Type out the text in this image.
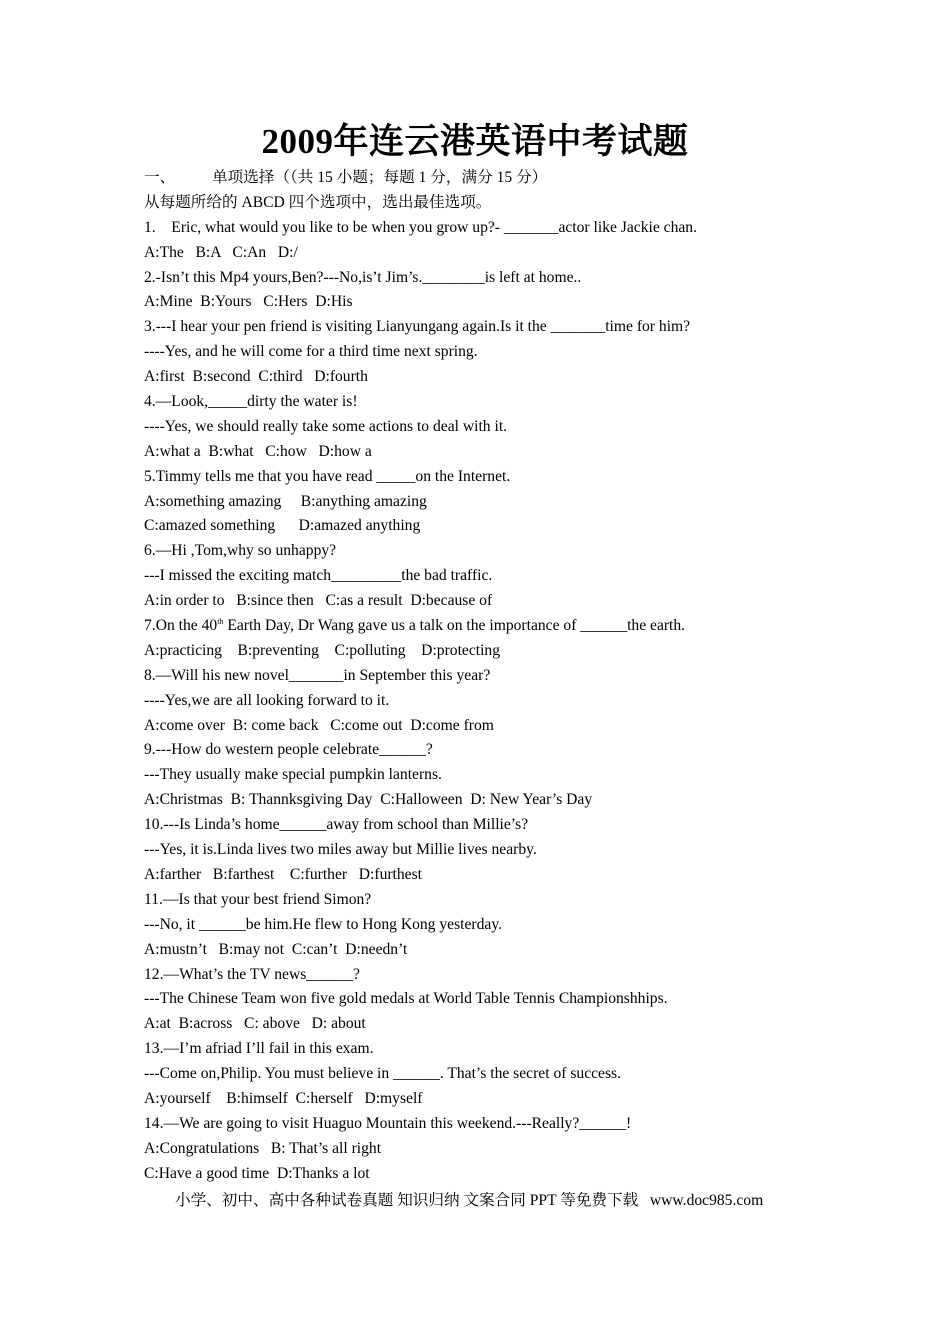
2009年连云港英语中考试题
一、 单项选择（（共 15 小题；每题 1 分，满分 15 分）
从每题所给的 ABCD 四个选项中，选出最佳选项。
1.    Eric, what would you like to be when you grow up?- _______actor like Jackie chan.
A:The   B:A   C:An   D:/
2.-Isn’t this Mp4 yours,Ben?---No,is’t Jim’s.________is left at home..
A:Mine  B:Yours   C:Hers  D:His
3.---I hear your pen friend is visiting Lianyungang again.Is it the _______time for him?
----Yes, and he will come for a third time next spring.
A:first  B:second  C:third   D:fourth
4.—Look,_____dirty the water is!
----Yes, we should really take some actions to deal with it.
A:what a  B:what   C:how   D:how a
5.Timmy tells me that you have read _____on the Internet.
A:something amazing     B:anything amazing
C:amazed something      D:amazed anything
6.—Hi ,Tom,why so unhappy?
---I missed the exciting match_________the bad traffic.
A:in order to   B:since then   C:as a result  D:because of
7.On the 40th Earth Day, Dr Wang gave us a talk on the importance of ______the earth.
A:practicing    B:preventing    C:polluting    D:protecting
8.—Will his new novel_______in September this year?
----Yes,we are all looking forward to it.
A:come over  B: come back   C:come out  D:come from
9.---How do western people celebrate______?
---They usually make special pumpkin lanterns.
A:Christmas  B: Thannksgiving Day  C:Halloween  D: New Year’s Day
10.---Is Linda’s home______away from school than Millie’s?
---Yes, it is.Linda lives two miles away but Millie lives nearby.
A:farther   B:farthest    C:further   D:furthest
11.—Is that your best friend Simon?
---No, it ______be him.He flew to Hong Kong yesterday.
A:mustn’t   B:may not  C:can’t  D:needn’t
12.—What’s the TV news______?
---The Chinese Team won five gold medals at World Table Tennis Championshhips.
A:at  B:across   C: above   D: about
13.—I’m afriad I’ll fail in this exam.
---Come on,Philip. You must believe in ______. That’s the secret of success.
A:yourself    B:himself  C:herself   D:myself
14.—We are going to visit Huaguo Mountain this weekend.---Really?______!
A:Congratulations   B: That’s all right
C:Have a good time  D:Thanks a lot
小学、初中、高中各种试卷真题 知识归纳 文案合同 PPT 等免费下载   www.doc985.com
